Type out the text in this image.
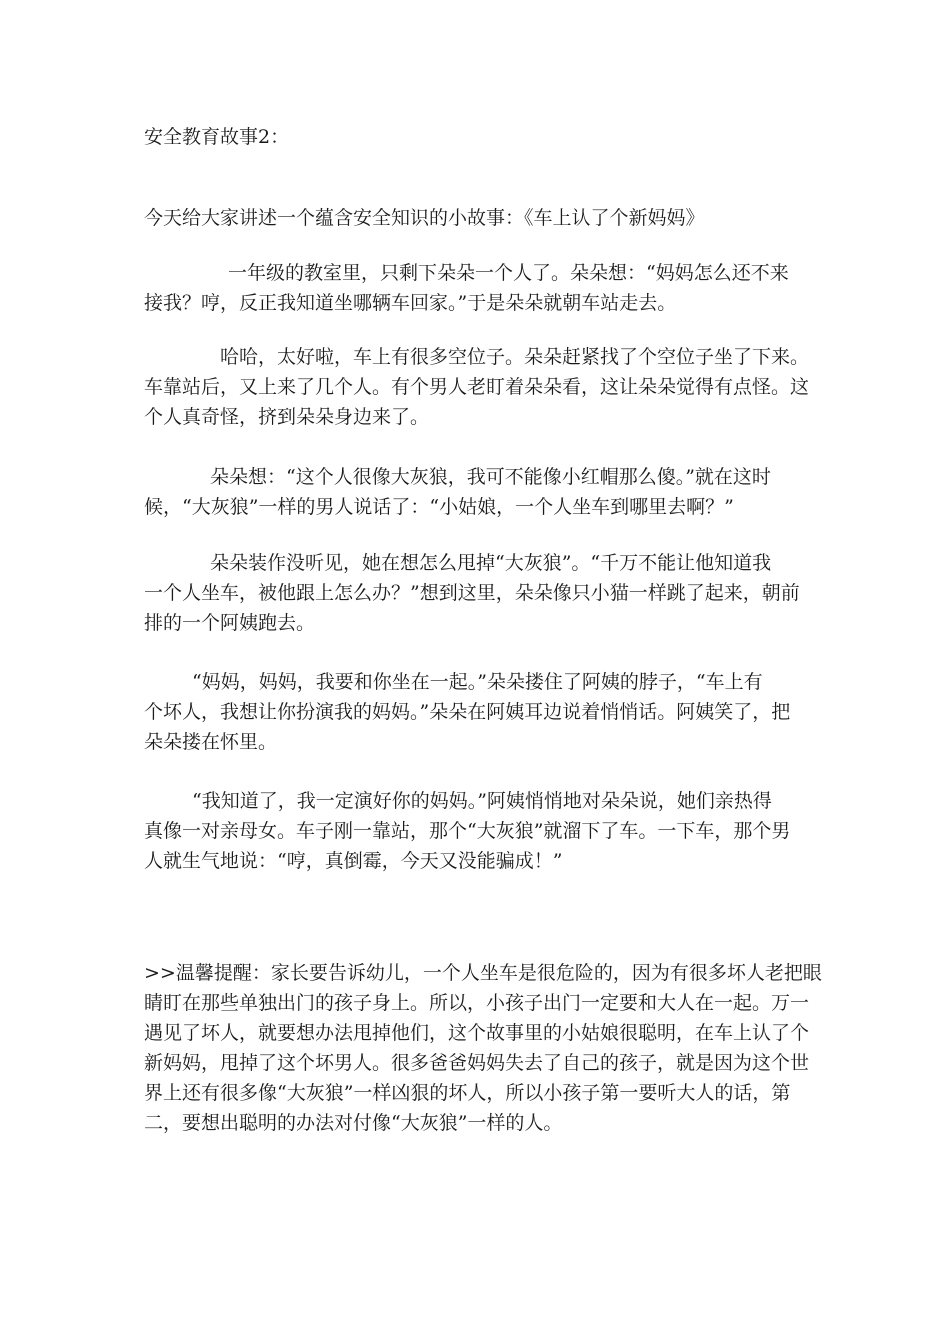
安全教育故事2：
今天给大家讲述一个蕴含安全知识的小故事：《车上认了个新妈妈》
一年级的教室里，只剩下朵朵一个人了。朵朵想：“妈妈怎么还不来
接我？哼，反正我知道坐哪辆车回家。”于是朵朵就朝车站走去。
哈哈，太好啦，车上有很多空位子。朵朵赶紧找了个空位子坐了下来。
车靠站后，又上来了几个人。有个男人老盯着朵朵看，这让朵朵觉得有点怪。这
个人真奇怪，挤到朵朵身边来了。
朵朵想：“这个人很像大灰狼，我可不能像小红帽那么傻。”就在这时
候，“大灰狼”一样的男人说话了：“小姑娘，一个人坐车到哪里去啊？”
朵朵装作没听见，她在想怎么甩掉“大灰狼”。“千万不能让他知道我
一个人坐车，被他跟上怎么办？”想到这里，朵朵像只小猫一样跳了起来，朝前
排的一个阿姨跑去。
“妈妈，妈妈，我要和你坐在一起。”朵朵搂住了阿姨的脖子，“车上有
个坏人，我想让你扮演我的妈妈。”朵朵在阿姨耳边说着悄悄话。阿姨笑了，把
朵朵搂在怀里。
“我知道了，我一定演好你的妈妈。”阿姨悄悄地对朵朵说，她们亲热得
真像一对亲母女。车子刚一靠站，那个“大灰狼”就溜下了车。一下车，那个男
人就生气地说：“哼，真倒霉，今天又没能骗成！”
>>温馨提醒：家长要告诉幼儿，一个人坐车是很危险的，因为有很多坏人老把眼
睛盯在那些单独出门的孩子身上。所以，小孩子出门一定要和大人在一起。万一
遇见了坏人，就要想办法甩掉他们，这个故事里的小姑娘很聪明，在车上认了个
新妈妈，甩掉了这个坏男人。很多爸爸妈妈失去了自己的孩子，就是因为这个世
界上还有很多像“大灰狼”一样凶狠的坏人，所以小孩子第一要听大人的话，第
二，要想出聪明的办法对付像“大灰狼”一样的人。
